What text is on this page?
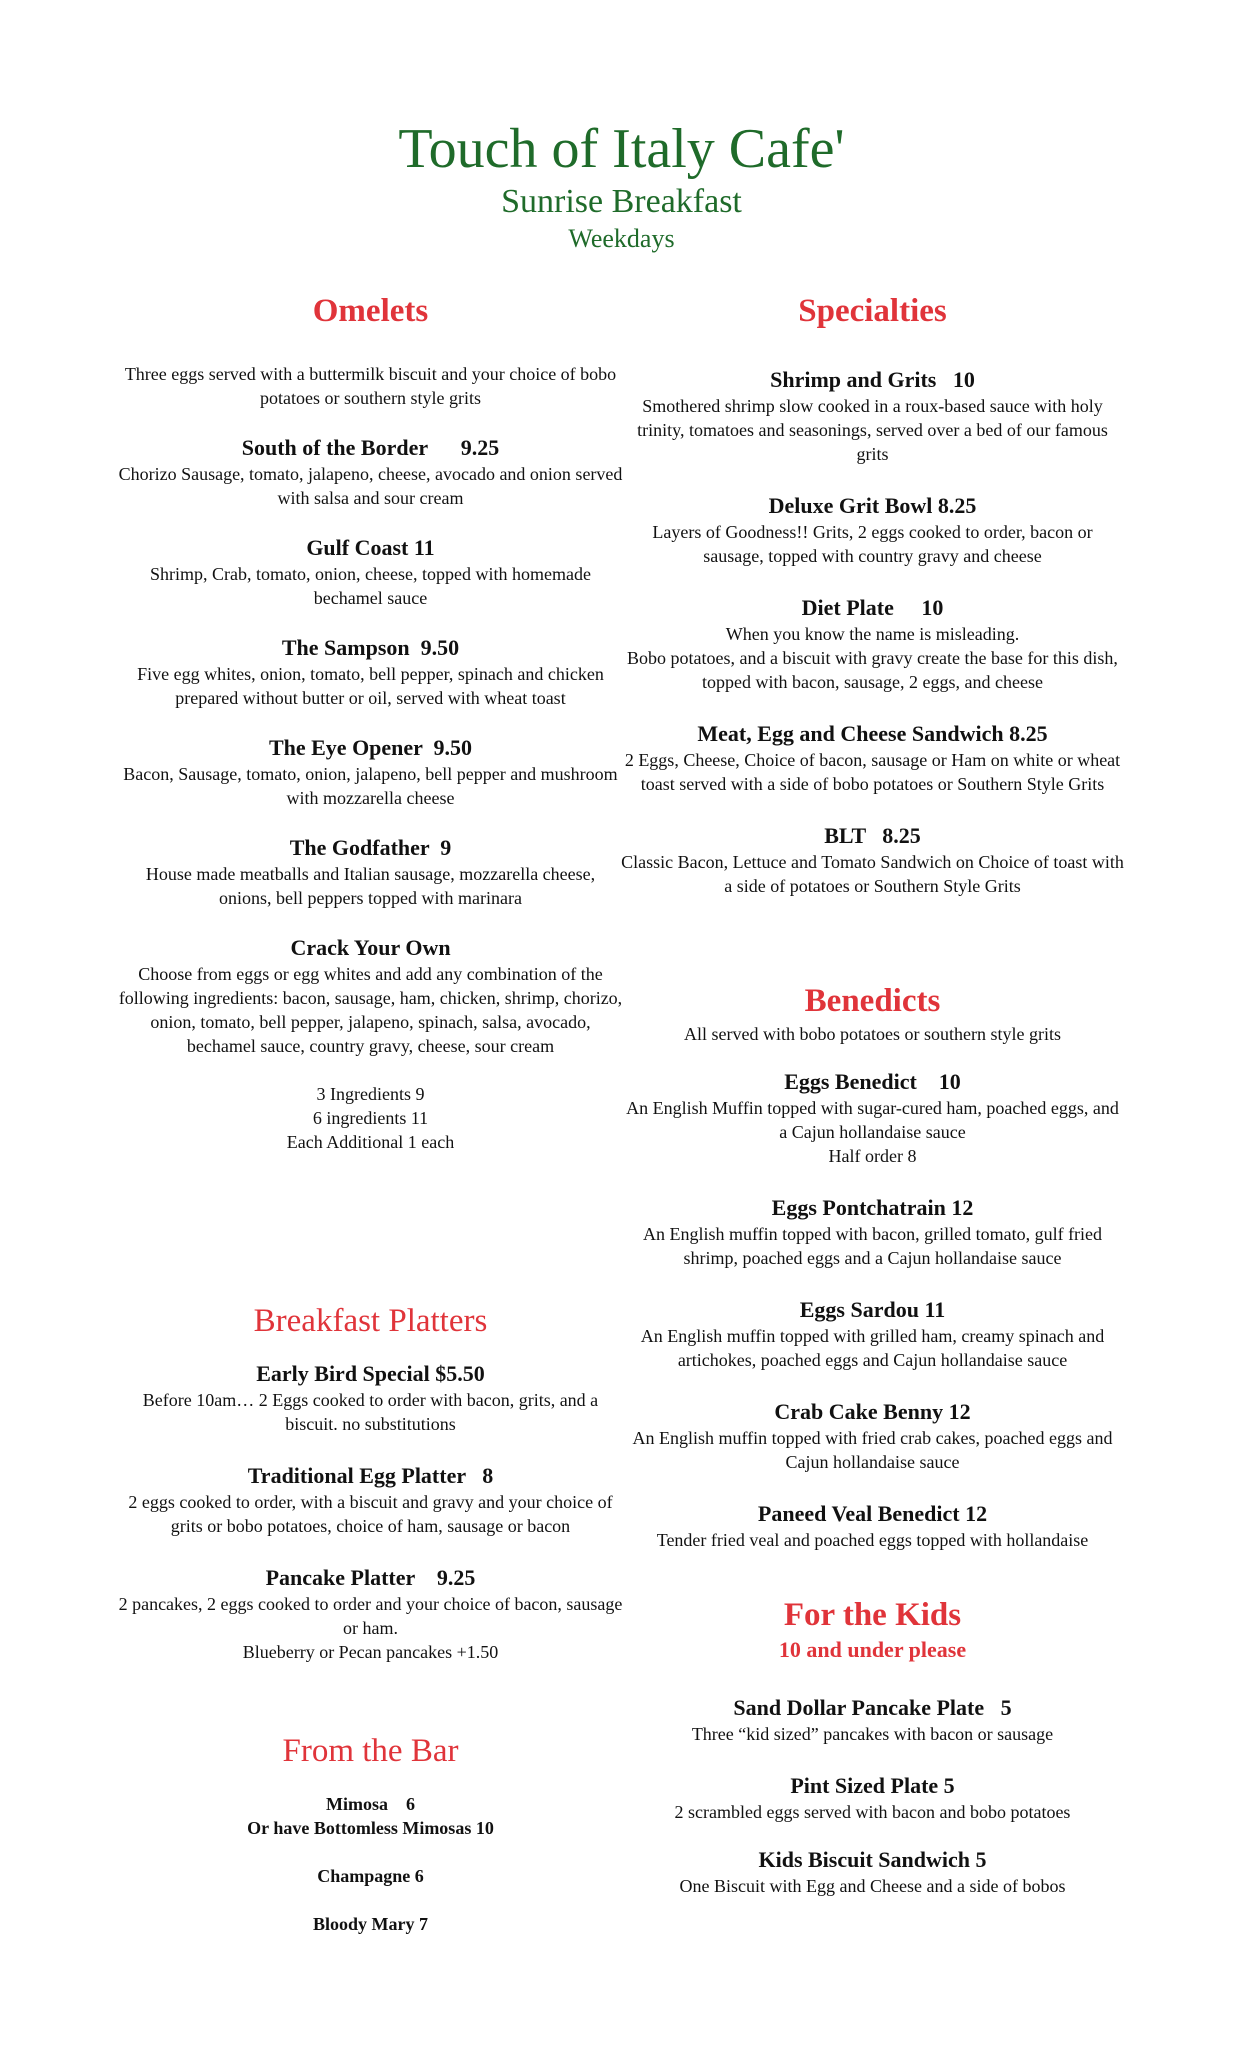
Touch of Italy Cafe'
Sunrise Breakfast
Weekdays
Omelets
Three eggs served with a buttermilk biscuit and your choice of bobo potatoes or southern style grits
South of the Border      9.25
Chorizo Sausage, tomato, jalapeno, cheese, avocado and onion served with salsa and sour cream
Gulf Coast 11
Shrimp, Crab, tomato, onion, cheese, topped with homemade bechamel sauce
The Sampson  9.50
Five egg whites, onion, tomato, bell pepper, spinach and chicken prepared without butter or oil, served with wheat toast
The Eye Opener  9.50
Bacon, Sausage, tomato, onion, jalapeno, bell pepper and mushroom with mozzarella cheese
The Godfather  9
House made meatballs and Italian sausage, mozzarella cheese, onions, bell peppers topped with marinara
Crack Your Own
Choose from eggs or egg whites and add any combination of the following ingredients: bacon, sausage, ham, chicken, shrimp, chorizo, onion, tomato, bell pepper, jalapeno, spinach, salsa, avocado, bechamel sauce, country gravy, cheese, sour cream
3 Ingredients 9
6 ingredients 11
Each Additional 1 each
Breakfast Platters
Early Bird Special $5.50
Before 10am… 2 Eggs cooked to order with bacon, grits, and a biscuit. no substitutions
Traditional Egg Platter   8
2 eggs cooked to order, with a biscuit and gravy and your choice of grits or bobo potatoes, choice of ham, sausage or bacon
Pancake Platter    9.25
2 pancakes, 2 eggs cooked to order and your choice of bacon, sausage or ham.
Blueberry or Pecan pancakes +1.50
From the Bar
Mimosa    6
Or have Bottomless Mimosas 10
Champagne 6
Bloody Mary 7
Specialties
Shrimp and Grits   10
Smothered shrimp slow cooked in a roux-based sauce with holy trinity, tomatoes and seasonings, served over a bed of our famous grits
Deluxe Grit Bowl 8.25
Layers of Goodness!! Grits, 2 eggs cooked to order, bacon or sausage, topped with country gravy and cheese
Diet Plate     10
When you know the name is misleading.
Bobo potatoes, and a biscuit with gravy create the base for this dish, topped with bacon, sausage, 2 eggs, and cheese
Meat, Egg and Cheese Sandwich 8.25
2 Eggs, Cheese, Choice of bacon, sausage or Ham on white or wheat toast served with a side of bobo potatoes or Southern Style Grits
BLT   8.25
Classic Bacon, Lettuce and Tomato Sandwich on Choice of toast with a side of potatoes or Southern Style Grits
Benedicts
All served with bobo potatoes or southern style grits
Eggs Benedict    10
An English Muffin topped with sugar-cured ham, poached eggs, and a Cajun hollandaise sauce
Half order 8
Eggs Pontchatrain 12
An English muffin topped with bacon, grilled tomato, gulf fried shrimp, poached eggs and a Cajun hollandaise sauce
Eggs Sardou 11
An English muffin topped with grilled ham, creamy spinach and artichokes, poached eggs and Cajun hollandaise sauce
Crab Cake Benny 12
An English muffin topped with fried crab cakes, poached eggs and Cajun hollandaise sauce
Paneed Veal Benedict 12
Tender fried veal and poached eggs topped with hollandaise
For the Kids
10 and under please
Sand Dollar Pancake Plate   5
Three “kid sized” pancakes with bacon or sausage
Pint Sized Plate 5
2 scrambled eggs served with bacon and bobo potatoes
Kids Biscuit Sandwich 5
One Biscuit with Egg and Cheese and a side of bobos
